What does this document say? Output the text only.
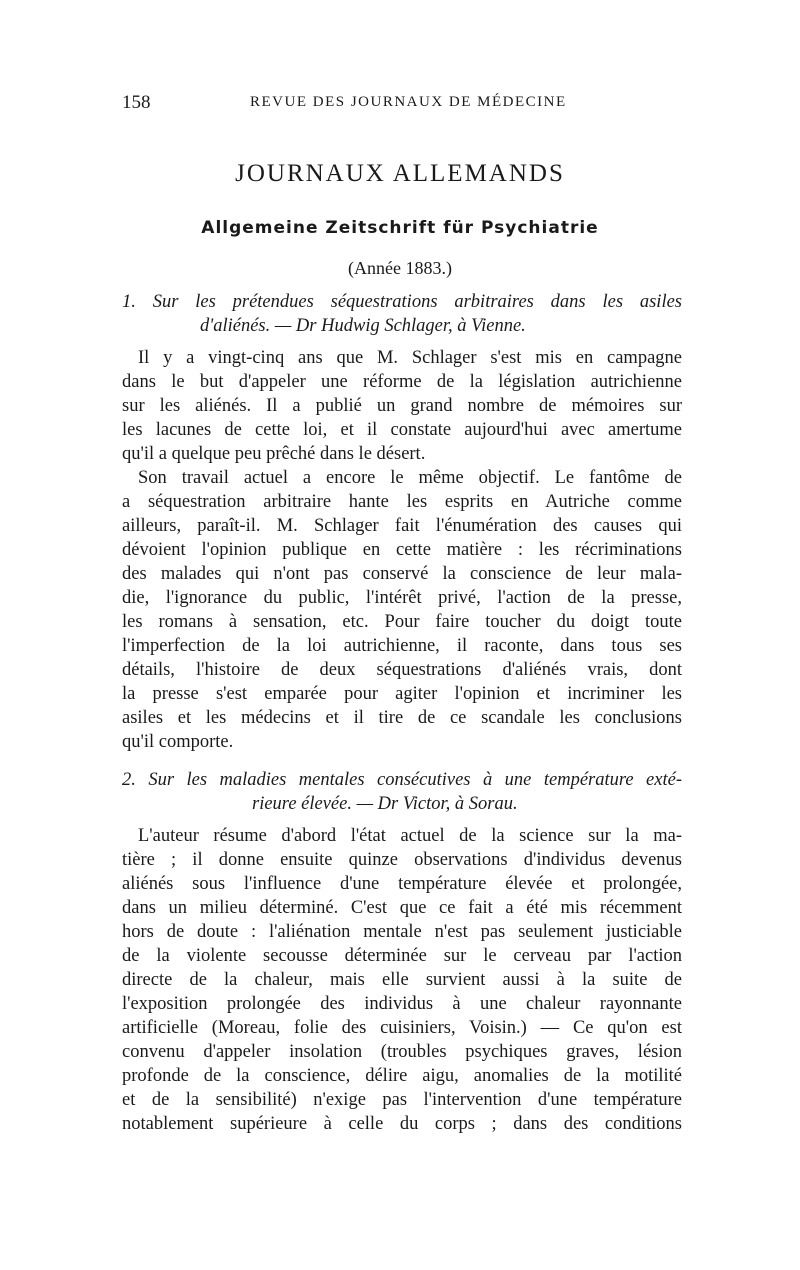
158	REVUE DES JOURNAUX DE MÉDECINE
JOURNAUX ALLEMANDS
Allgemeine Zeitschrift für Psychiatrie
(Année 1883.)
1. Sur les prétendues séquestrations arbitraires dans les asiles
d'aliénés. — Dr Hudwig Schlager, à Vienne.
Il y a vingt-cinq ans que M. Schlager s'est mis en campagne
dans le but d'appeler une réforme de la législation autrichienne
sur les aliénés. Il a publié un grand nombre de mémoires sur
les lacunes de cette loi, et il constate aujourd'hui avec amertume
qu'il a quelque peu prêché dans le désert.
Son travail actuel a encore le même objectif. Le fantôme de
a séquestration arbitraire hante les esprits en Autriche comme
ailleurs, paraît-il. M. Schlager fait l'énumération des causes qui
dévoient l'opinion publique en cette matière : les récriminations
des malades qui n'ont pas conservé la conscience de leur mala-
die, l'ignorance du public, l'intérêt privé, l'action de la presse,
les romans à sensation, etc. Pour faire toucher du doigt toute
l'imperfection de la loi autrichienne, il raconte, dans tous ses
détails, l'histoire de deux séquestrations d'aliénés vrais, dont
la presse s'est emparée pour agiter l'opinion et incriminer les
asiles et les médecins et il tire de ce scandale les conclusions
qu'il comporte.
2. Sur les maladies mentales consécutives à une température exté-
rieure élevée. — Dr Victor, à Sorau.
L'auteur résume d'abord l'état actuel de la science sur la ma-
tière ; il donne ensuite quinze observations d'individus devenus
aliénés sous l'influence d'une température élevée et prolongée,
dans un milieu déterminé. C'est que ce fait a été mis récemment
hors de doute : l'aliénation mentale n'est pas seulement justiciable
de la violente secousse déterminée sur le cerveau par l'action
directe de la chaleur, mais elle survient aussi à la suite de
l'exposition prolongée des individus à une chaleur rayonnante
artificielle (Moreau, folie des cuisiniers, Voisin.) — Ce qu'on est
convenu d'appeler insolation (troubles psychiques graves, lésion
profonde de la conscience, délire aigu, anomalies de la motilité
et de la sensibilité) n'exige pas l'intervention d'une température
notablement supérieure à celle du corps ; dans des conditions
